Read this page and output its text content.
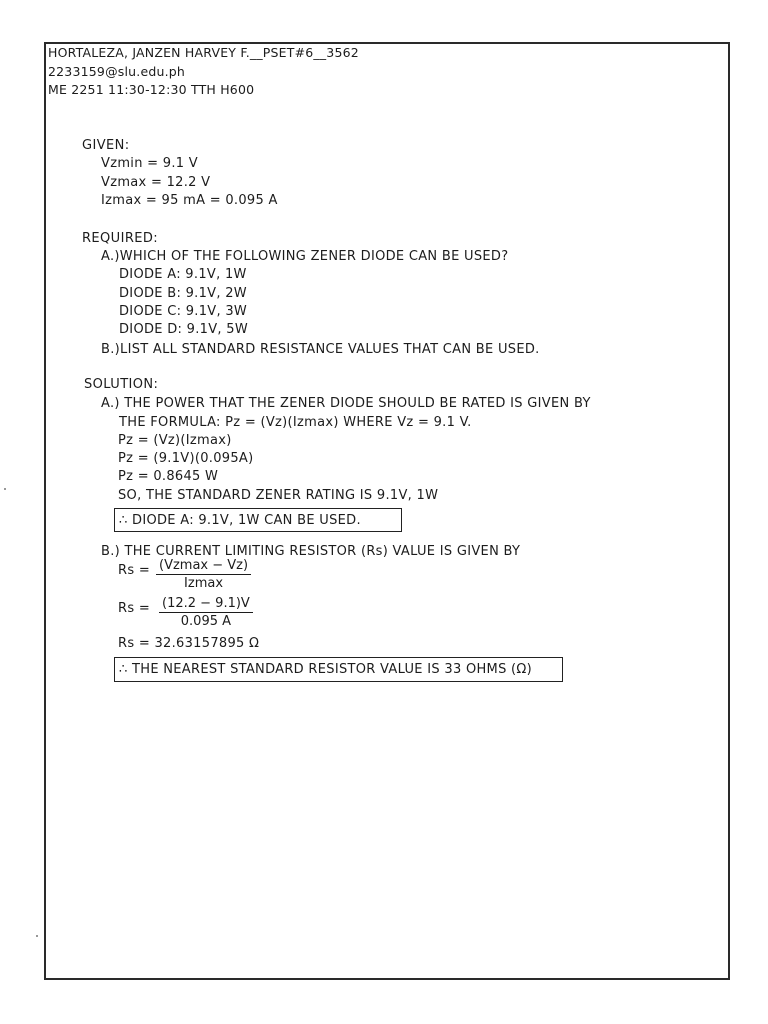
HORTALEZA, JANZEN HARVEY F.__PSET#6__3562
2233159@slu.edu.ph
ME 2251 11:30-12:30 TTH H600
GIVEN:
Vzmin = 9.1 V
Vzmax = 12.2 V
Izmax = 95 mA = 0.095 A
REQUIRED:
A.)WHICH OF THE FOLLOWING ZENER DIODE CAN BE USED?
DIODE A: 9.1V, 1W
DIODE B: 9.1V, 2W
DIODE C: 9.1V, 3W
DIODE D: 9.1V, 5W
B.)LIST ALL STANDARD RESISTANCE VALUES THAT CAN BE USED.
SOLUTION:
A.) THE POWER THAT THE ZENER DIODE SHOULD BE RATED IS GIVEN BY
THE FORMULA: Pz = (Vz)(Izmax) WHERE Vz = 9.1 V.
Pz = (Vz)(Izmax)
Pz = (9.1V)(0.095A)
Pz = 0.8645 W
SO, THE STANDARD ZENER RATING IS 9.1V, 1W
∴ DIODE A: 9.1V, 1W CAN BE USED.
B.) THE CURRENT LIMITING RESISTOR (Rs) VALUE IS GIVEN BY
Rs = (Vzmax − Vz)
Izmax
$Rs = \frac{(12.2 - 9.1)V}{0.095 A}$
Rs = 32.63157895 Ω
∴ THE NEAREST STANDARD RESISTOR VALUE IS 33 OHMS (Ω)
